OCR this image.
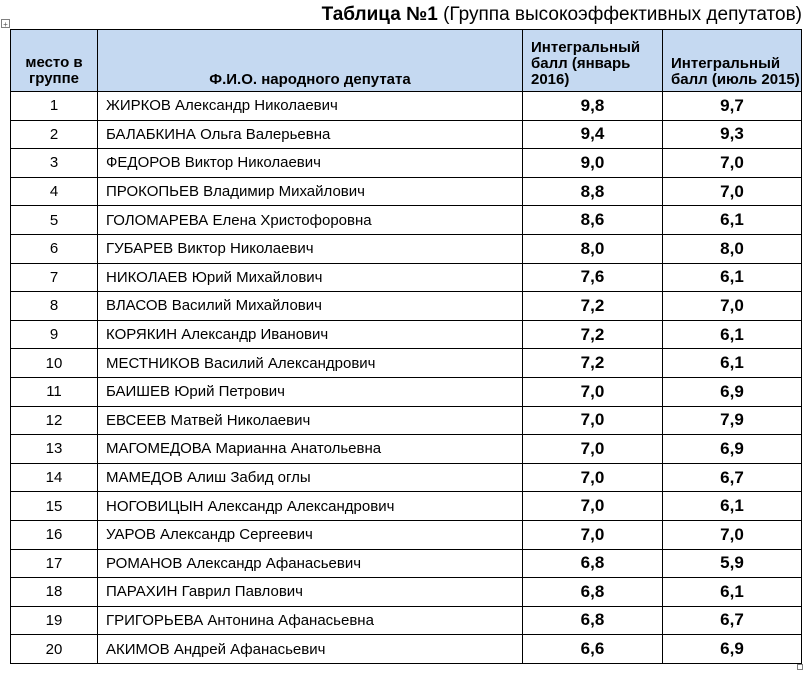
+	Таблица №1 (Группа высокоэффективных депутатов)
место в группе	Ф.И.О. народного депутата	Интегральный балл (январь 2016)	Интегральный балл (июль 2015)
1	ЖИРКОВ Александр Николаевич	9,8	9,7
2	БАЛАБКИНА Ольга Валерьевна	9,4	9,3
3	ФЕДОРОВ Виктор Николаевич	9,0	7,0
4	ПРОКОПЬЕВ Владимир Михайлович	8,8	7,0
5	ГОЛОМАРЕВА Елена Христофоровна	8,6	6,1
6	ГУБАРЕВ Виктор Николаевич	8,0	8,0
7	НИКОЛАЕВ Юрий Михайлович	7,6	6,1
8	ВЛАСОВ Василий Михайлович	7,2	7,0
9	КОРЯКИН Александр Иванович	7,2	6,1
10	МЕСТНИКОВ Василий Александрович	7,2	6,1
11	БАИШЕВ Юрий Петрович	7,0	6,9
12	ЕВСЕЕВ Матвей Николаевич	7,0	7,9
13	МАГОМЕДОВА Марианна Анатольевна	7,0	6,9
14	МАМЕДОВ Алиш Забид оглы	7,0	6,7
15	НОГОВИЦЫН Александр Александрович	7,0	6,1
16	УАРОВ Александр Сергеевич	7,0	7,0
17	РОМАНОВ Александр Афанасьевич	6,8	5,9
18	ПАРАХИН Гаврил Павлович	6,8	6,1
19	ГРИГОРЬЕВА Антонина Афанасьевна	6,8	6,7
20	АКИМОВ Андрей Афанасьевич	6,6	6,9
